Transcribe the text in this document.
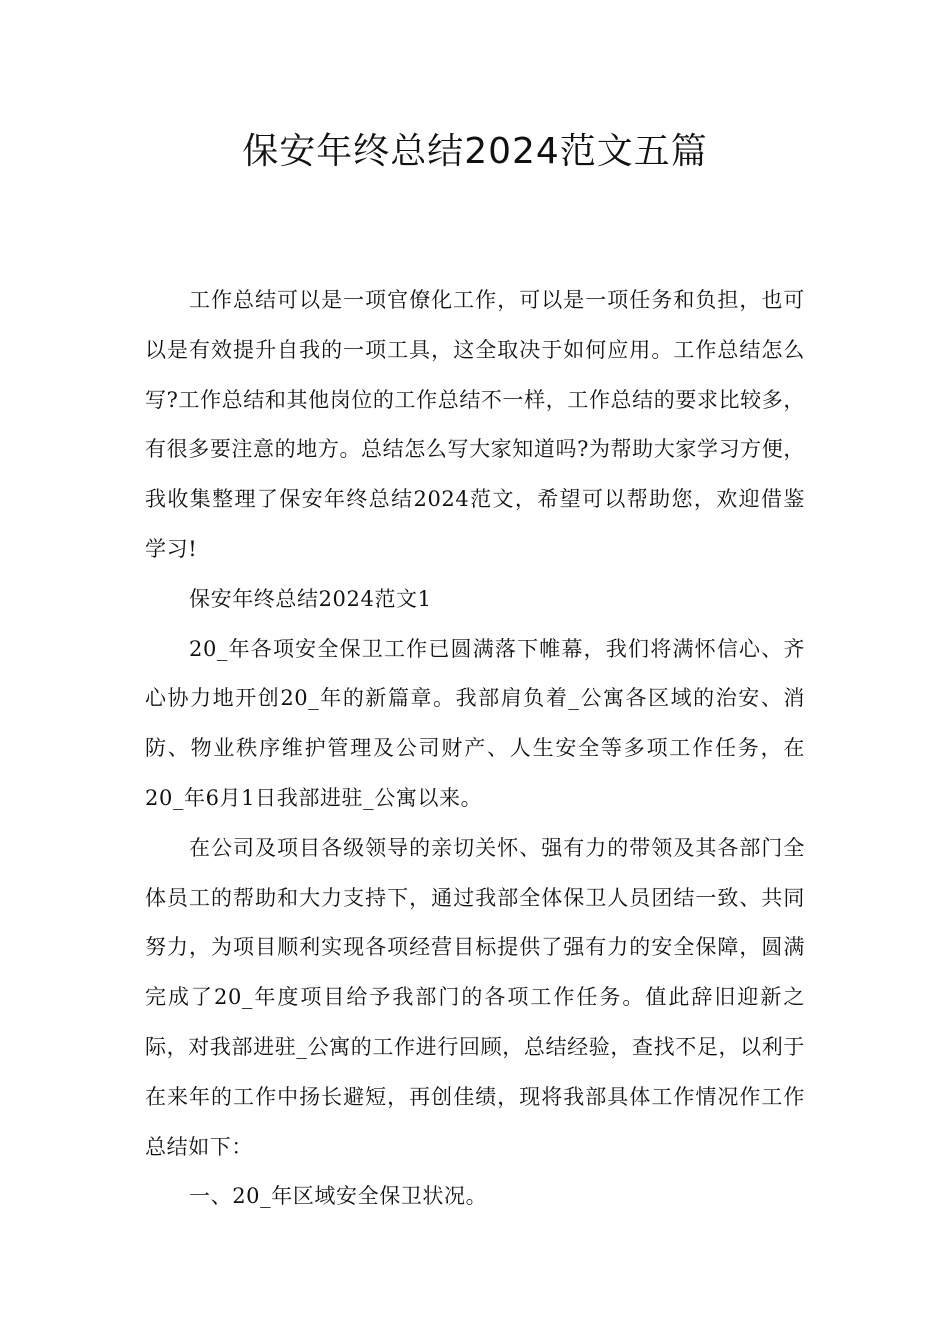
保安年终总结2024范文五篇

工作总结可以是一项官僚化工作，可以是一项任务和负担，也可以是有效提升自我的一项工具，这全取决于如何应用。工作总结怎么写?工作总结和其他岗位的工作总结不一样，工作总结的要求比较多，有很多要注意的地方。总结怎么写大家知道吗?为帮助大家学习方便，我收集整理了保安年终总结2024范文，希望可以帮助您，欢迎借鉴学习!

保安年终总结2024范文1

20_年各项安全保卫工作已圆满落下帷幕，我们将满怀信心、齐心协力地开创20_年的新篇章。我部肩负着_公寓各区域的治安、消防、物业秩序维护管理及公司财产、人生安全等多项工作任务，在20_年6月1日我部进驻_公寓以来。

在公司及项目各级领导的亲切关怀、强有力的带领及其各部门全体员工的帮助和大力支持下，通过我部全体保卫人员团结一致、共同努力，为项目顺利实现各项经营目标提供了强有力的安全保障，圆满完成了20_年度项目给予我部门的各项工作任务。值此辞旧迎新之际，对我部进驻_公寓的工作进行回顾，总结经验，查找不足，以利于在来年的工作中扬长避短，再创佳绩，现将我部具体工作情况作工作总结如下：

一、20_年区域安全保卫状况。
